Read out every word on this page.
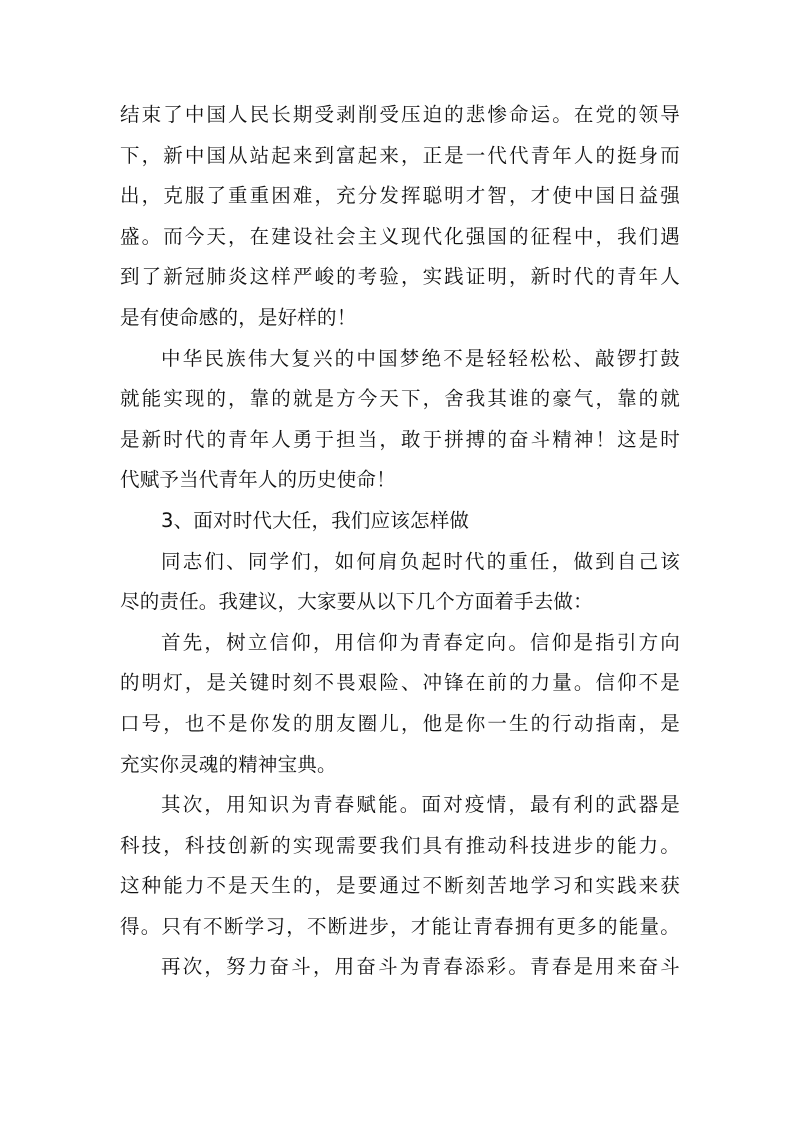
结束了中国人民长期受剥削受压迫的悲惨命运。在党的领导
下，新中国从站起来到富起来，正是一代代青年人的挺身而
出，克服了重重困难，充分发挥聪明才智，才使中国日益强
盛。而今天，在建设社会主义现代化强国的征程中，我们遇
到了新冠肺炎这样严峻的考验，实践证明，新时代的青年人
是有使命感的，是好样的！
中华民族伟大复兴的中国梦绝不是轻轻松松、敲锣打鼓
就能实现的，靠的就是方今天下，舍我其谁的豪气，靠的就
是新时代的青年人勇于担当，敢于拼搏的奋斗精神！这是时
代赋予当代青年人的历史使命！
3、面对时代大任，我们应该怎样做
同志们、同学们，如何肩负起时代的重任，做到自己该
尽的责任。我建议，大家要从以下几个方面着手去做：
首先，树立信仰，用信仰为青春定向。信仰是指引方向
的明灯，是关键时刻不畏艰险、冲锋在前的力量。信仰不是
口号，也不是你发的朋友圈儿，他是你一生的行动指南，是
充实你灵魂的精神宝典。
其次，用知识为青春赋能。面对疫情，最有利的武器是
科技，科技创新的实现需要我们具有推动科技进步的能力。
这种能力不是天生的，是要通过不断刻苦地学习和实践来获
得。只有不断学习，不断进步，才能让青春拥有更多的能量。
再次，努力奋斗，用奋斗为青春添彩。青春是用来奋斗
